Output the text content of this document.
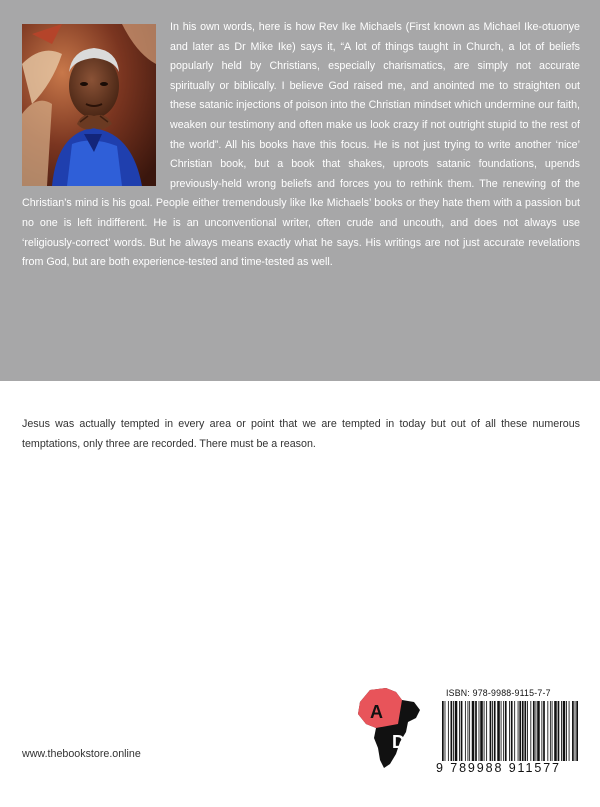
In his own words, here is how Rev Ike Michaels (First known as Michael Ike-otuonye and later as Dr Mike Ike) says it, “A lot of things taught in Church, a lot of beliefs popularly held by Christians, especially charismatics, are simply not accurate spiritually or biblically. I believe God raised me, and anointed me to straighten out these satanic injections of poison into the Christian mindset which undermine our faith, weaken our testimony and often make us look crazy if not outright stupid to the rest of the world”. All his books have this focus. He is not just trying to write another ‘nice’ Christian book, but a book that shakes, uproots satanic foundations, upends previously-held wrong beliefs and forces you to rethink them. The renewing of the Christian’s mind is his goal. People either tremendously like Ike Michaels’ books or they hate them with a passion but no one is left indifferent. He is an unconventional writer, often crude and uncouth, and does not always use ‘religiously-correct’ words. But he always means exactly what he says. His writings are not just accurate revelations from God, but are both experience-tested and time-tested as well.

Jesus was actually tempted in every area or point that we are tempted in today but out of all these numerous temptations, only three are recorded. There must be a reason.

www.thebookstore.online
A
D
ISBN: 978-9988-9115-7-7
9 789988 911577
